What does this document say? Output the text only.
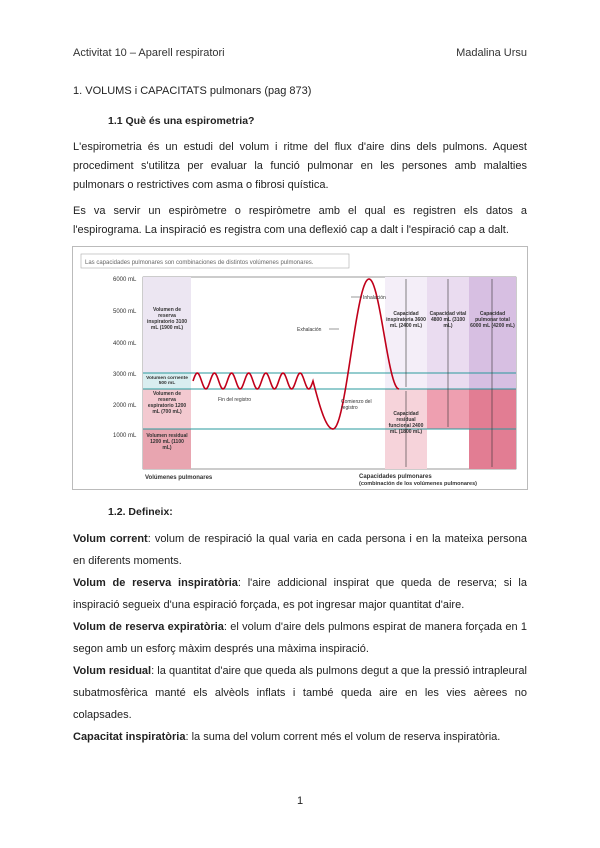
Activitat 10 – Aparell respiratori	Madalina Ursu
1. VOLUMS i CAPACITATS pulmonars (pag 873)
1.1 Què és una espirometria?
L'espirometria és un estudi del volum i ritme del flux d'aire dins dels pulmons. Aquest procediment s'utilitza per evaluar la funció pulmonar en les persones amb malalties pulmonars o restrictives com asma o fibrosi quística.
Es va servir un espiròmetre o respiròmetre amb el qual es registren els datos a l'espirograma. La inspiració es registra com una deflexió cap a dalt i l'espiració cap a dalt.
Las capacidades pulmonares son combinaciones de distintos volúmenes pulmonares.
6000 mL
5000 mL
4000 mL
3000 mL
2000 mL
1000 mL
Volumen de reserva inspiratorio 3100 mL (1900 mL)
Volumen corriente 500 mL
Volumen de reserva espiratorio 1200 mL (700 mL)
Volumen residual 1200 mL (1100 mL)
Inhalación
Exhalación
Fin del registro	Comienzo del registro
Capacidad inspiratoria 3600 mL (2400 mL)
Capacidad residual funcional 2400 mL (1800 mL)
Capacidad vital 4800 mL (3100 mL)
Capacidad pulmonar total 6000 mL (4200 mL)
Volúmenes pulmonares	Capacidades pulmonares
(combinación de los volúmenes pulmonares)
1.2. Defineix:
Volum corrent: volum de respiració la qual varia en cada persona i en la mateixa persona en diferents moments.
Volum de reserva inspiratòria: l'aire addicional inspirat que queda de reserva; si la inspiració segueix d'una espiració forçada, es pot ingresar major quantitat d'aire.
Volum de reserva expiratòria: el volum d'aire dels pulmons espirat de manera forçada en 1 segon amb un esforç màxim després una màxima inspiració.
Volum residual: la quantitat d'aire que queda als pulmons degut a que la pressió intrapleural subatmosfèrica manté els alvèols inflats i també queda aire en les vies aèrees no colapsades.
Capacitat inspiratòria: la suma del volum corrent més el volum de reserva inspiratòria.
1
